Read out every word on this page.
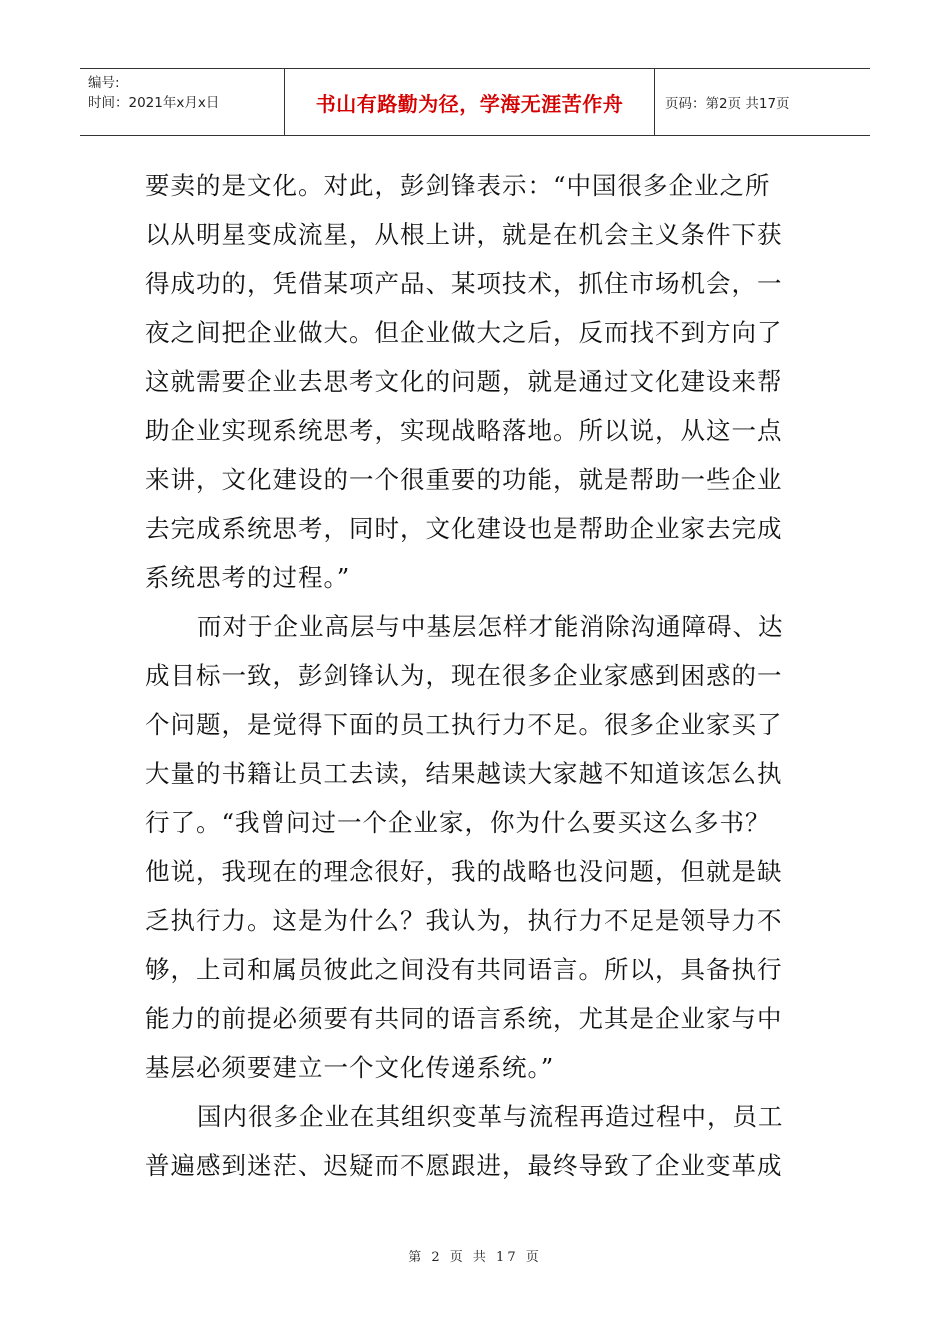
编号:
时间：2021年x月x日	书山有路勤为径，学海无涯苦作舟	页码：第2页 共17页
要卖的是文化。对此，彭剑锋表示：“中国很多企业之所
以从明星变成流星，从根上讲，就是在机会主义条件下获
得成功的，凭借某项产品、某项技术，抓住市场机会，一
夜之间把企业做大。但企业做大之后，反而找不到方向了
这就需要企业去思考文化的问题，就是通过文化建设来帮
助企业实现系统思考，实现战略落地。所以说，从这一点
来讲，文化建设的一个很重要的功能，就是帮助一些企业
去完成系统思考，同时，文化建设也是帮助企业家去完成
系统思考的过程。”
而对于企业高层与中基层怎样才能消除沟通障碍、达
成目标一致，彭剑锋认为，现在很多企业家感到困惑的一
个问题，是觉得下面的员工执行力不足。很多企业家买了
大量的书籍让员工去读，结果越读大家越不知道该怎么执
行了。“我曾问过一个企业家，你为什么要买这么多书？
他说，我现在的理念很好，我的战略也没问题，但就是缺
乏执行力。这是为什么？我认为，执行力不足是领导力不
够，上司和属员彼此之间没有共同语言。所以，具备执行
能力的前提必须要有共同的语言系统，尤其是企业家与中
基层必须要建立一个文化传递系统。”
国内很多企业在其组织变革与流程再造过程中，员工
普遍感到迷茫、迟疑而不愿跟进，最终导致了企业变革成
第 2 页 共 17 页
